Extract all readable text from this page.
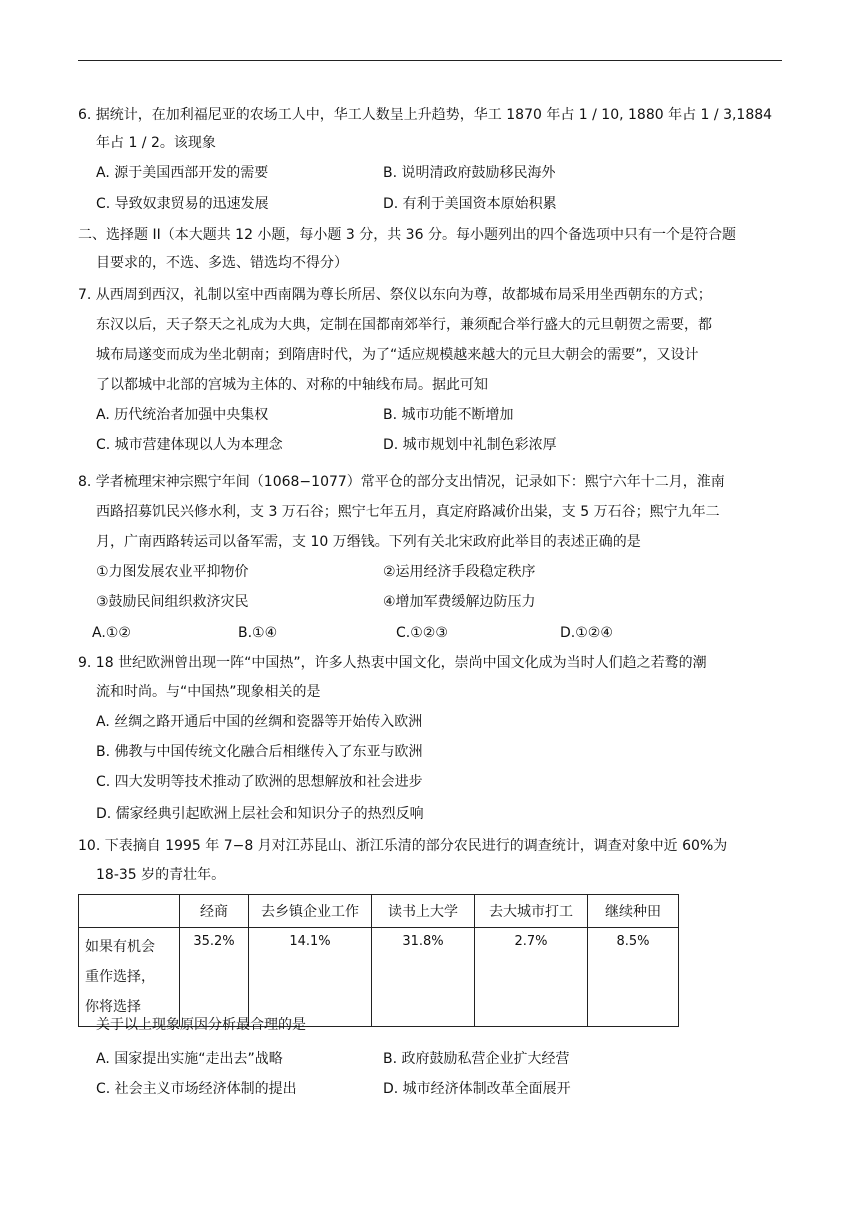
6. 据统计，在加利福尼亚的农场工人中，华工人数呈上升趋势，华工 1870 年占 1 / 10, 1880 年占 1 / 3,1884
年占 1 / 2。该现象
A. 源于美国西部开发的需要	B. 说明清政府鼓励移民海外
C. 导致奴隶贸易的迅速发展	D. 有利于美国资本原始积累
二、选择题 II（本大题共 12 小题，每小题 3 分，共 36 分。每小题列出的四个备选项中只有一个是符合题
目要求的，不选、多选、错选均不得分）
7. 从西周到西汉，礼制以室中西南隅为尊长所居、祭仪以东向为尊，故都城布局采用坐西朝东的方式；
东汉以后，天子祭天之礼成为大典，定制在国都南郊举行，兼须配合举行盛大的元旦朝贺之需要，都
城布局遂变而成为坐北朝南；到隋唐时代，为了“适应规模越来越大的元旦大朝会的需要”，又设计
了以都城中北部的宫城为主体的、对称的中轴线布局。据此可知
A. 历代统治者加强中央集权	B. 城市功能不断增加
C. 城市营建体现以人为本理念	D. 城市规划中礼制色彩浓厚
8. 学者梳理宋神宗熙宁年间（1068−1077）常平仓的部分支出情况，记录如下：熙宁六年十二月，淮南
西路招募饥民兴修水利，支 3 万石谷；熙宁七年五月，真定府路减价出粜，支 5 万石谷；熙宁九年二
月，广南西路转运司以备军需，支 10 万缗钱。下列有关北宋政府此举目的表述正确的是
①力图发展农业平抑物价	②运用经济手段稳定秩序
③鼓励民间组织救济灾民	④增加军费缓解边防压力
A.①②	B.①④	C.①②③	D.①②④
9. 18 世纪欧洲曾出现一阵“中国热”，许多人热衷中国文化，崇尚中国文化成为当时人们趋之若鹜的潮
流和时尚。与“中国热”现象相关的是
A. 丝绸之路开通后中国的丝绸和瓷器等开始传入欧洲
B. 佛教与中国传统文化融合后相继传入了东亚与欧洲
C. 四大发明等技术推动了欧洲的思想解放和社会进步
D. 儒家经典引起欧洲上层社会和知识分子的热烈反响
10. 下表摘自 1995 年 7−8 月对江苏昆山、浙江乐清的部分农民进行的调查统计，调查对象中近 60%为
18-35 岁的青壮年。
	经商	去乡镇企业工作	读书上大学	去大城市打工	继续种田

如果有机会
重作选择，
你将选择	35.2%	14.1%	31.8%	2.7%	8.5%
关于以上现象原因分析最合理的是
A. 国家提出实施“走出去”战略	B. 政府鼓励私营企业扩大经营
C. 社会主义市场经济体制的提出	D. 城市经济体制改革全面展开
